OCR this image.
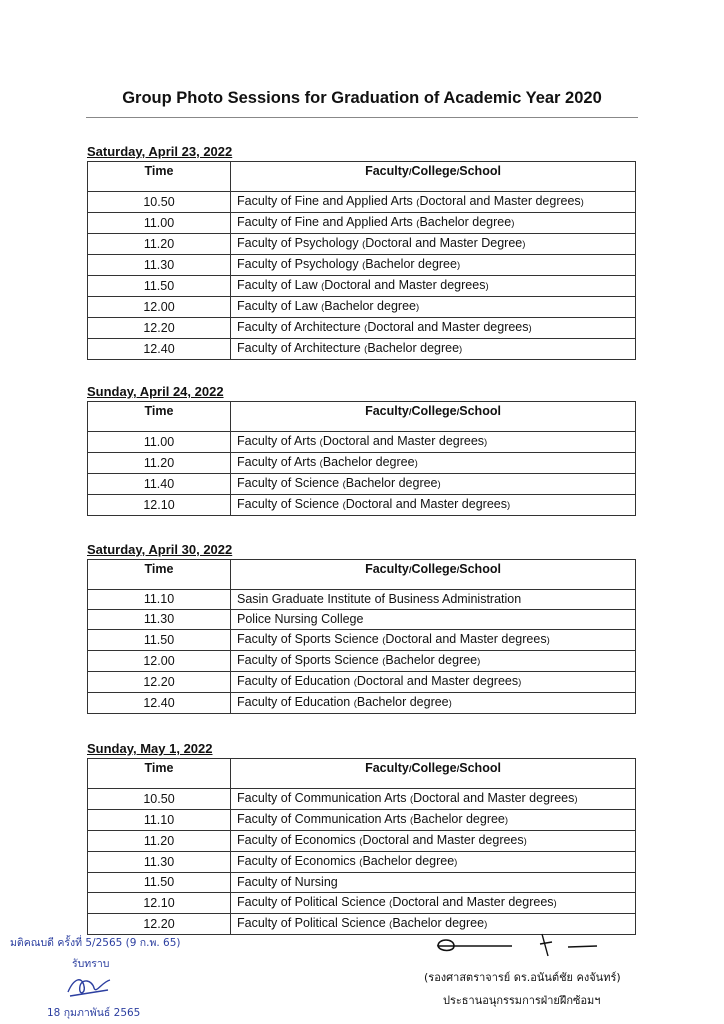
Group Photo Sessions for Graduation of Academic Year 2020
Saturday, April 23, 2022
Time	Faculty/College/School
10.50	Faculty of Fine and Applied Arts (Doctoral and Master degrees)
11.00	Faculty of Fine and Applied Arts (Bachelor degree)
11.20	Faculty of Psychology (Doctoral and Master Degree)
11.30	Faculty of Psychology (Bachelor degree)
11.50	Faculty of Law (Doctoral and Master degrees)
12.00	Faculty of Law (Bachelor degree)
12.20	Faculty of Architecture (Doctoral and Master degrees)
12.40	Faculty of Architecture (Bachelor degree)
Sunday, April 24, 2022
Time	Faculty/College/School
11.00	Faculty of Arts (Doctoral and Master degrees)
11.20	Faculty of Arts (Bachelor degree)
11.40	Faculty of Science (Bachelor degree)
12.10	Faculty of Science (Doctoral and Master degrees)
Saturday, April 30, 2022
Time	Faculty/College/School
11.10	Sasin Graduate Institute of Business Administration
11.30	Police Nursing College
11.50	Faculty of Sports Science (Doctoral and Master degrees)
12.00	Faculty of Sports Science (Bachelor degree)
12.20	Faculty of Education (Doctoral and Master degrees)
12.40	Faculty of Education (Bachelor degree)
Sunday, May 1, 2022
Time	Faculty/College/School
10.50	Faculty of Communication Arts (Doctoral and Master degrees)
11.10	Faculty of Communication Arts (Bachelor degree)
11.20	Faculty of Economics (Doctoral and Master degrees)
11.30	Faculty of Economics (Bachelor degree)
11.50	Faculty of Nursing
12.10	Faculty of Political Science (Doctoral and Master degrees)
12.20	Faculty of Political Science (Bachelor degree)
มติคณบดี ครั้งที่ 5/2565 (9 ก.พ. 65)
รับทราบ
18 กุมภาพันธ์ 2565
(รองศาสตราจารย์ ดร.อนันต์ชัย คงจันทร์)
ประธานอนุกรรมการฝ่ายฝึกซ้อมฯ
